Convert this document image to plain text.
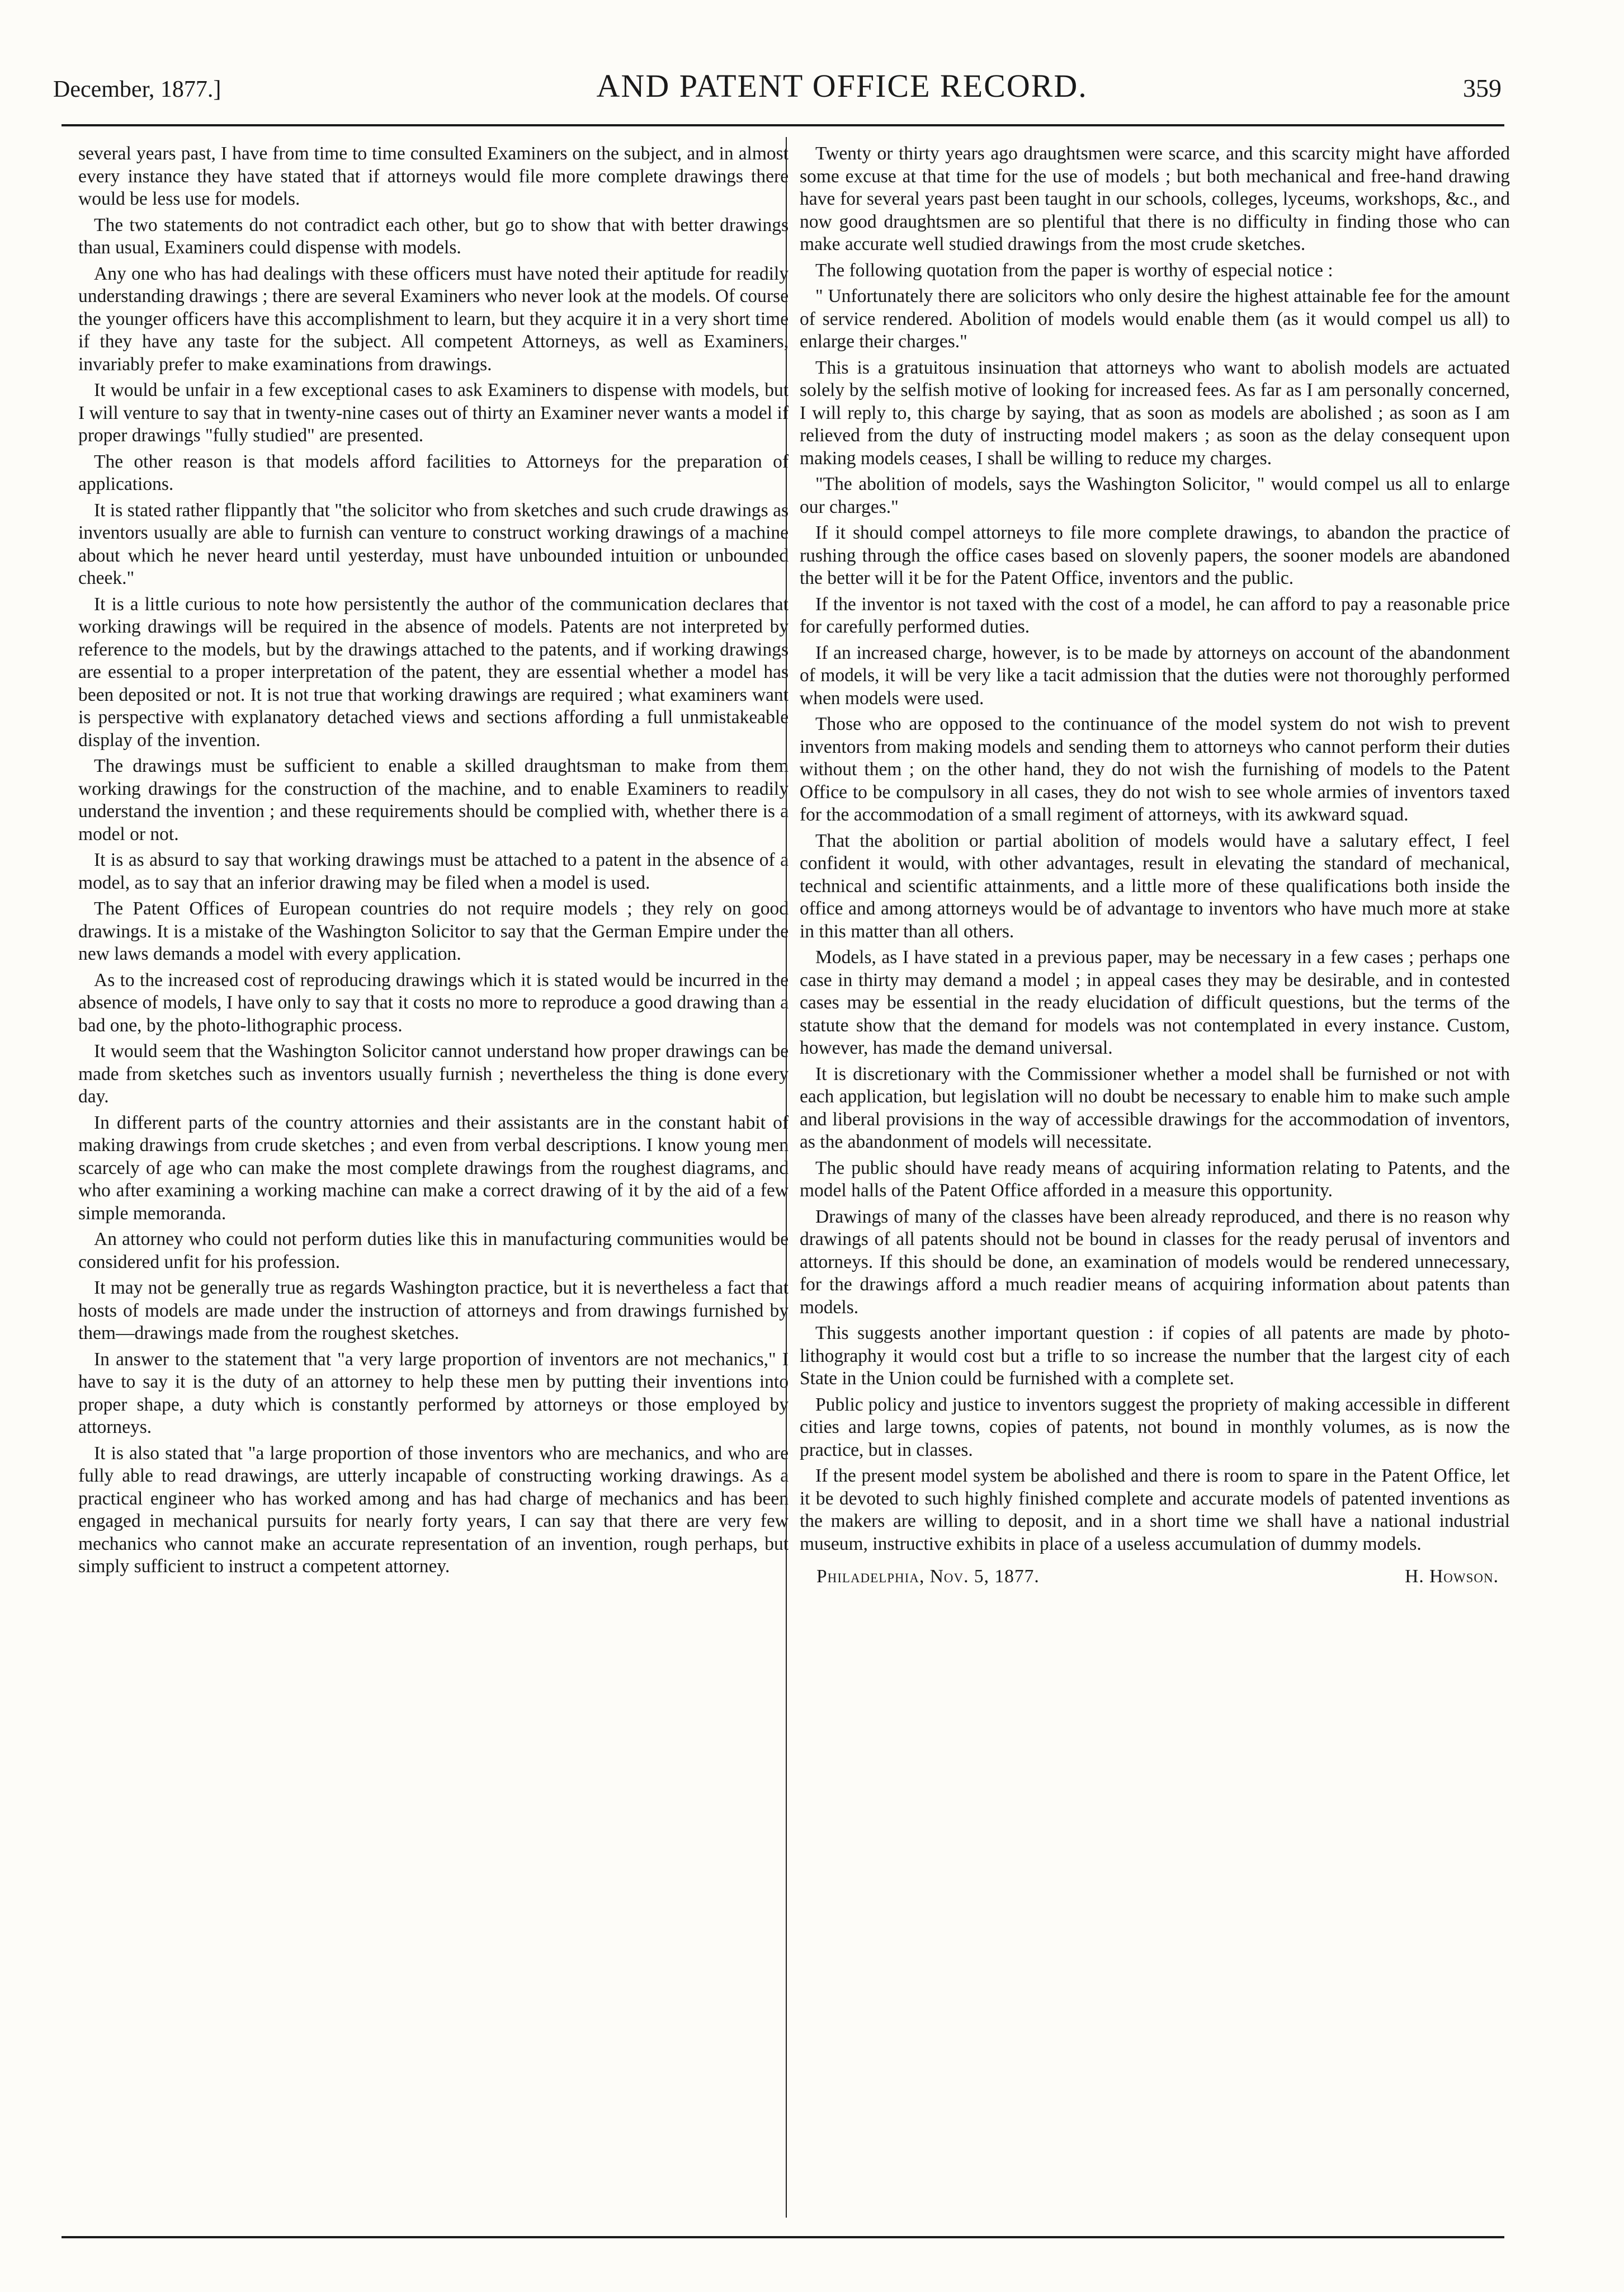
December, 1877.]	AND PATENT OFFICE RECORD.	359

several years past, I have from time to time consulted Examiners on the subject, and in almost every instance they have stated that if attorneys would file more complete drawings there would be less use for models.

The two statements do not contradict each other, but go to show that with better drawings than usual, Examiners could dispense with models.

Any one who has had dealings with these officers must have noted their aptitude for readily understanding drawings ; there are several Examiners who never look at the models. Of course the younger officers have this accomplishment to learn, but they acquire it in a very short time if they have any taste for the subject. All competent Attorneys, as well as Examiners, invariably prefer to make examinations from drawings.

It would be unfair in a few exceptional cases to ask Examiners to dispense with models, but I will venture to say that in twenty-nine cases out of thirty an Examiner never wants a model if proper drawings "fully studied" are presented.

The other reason is that models afford facilities to Attorneys for the preparation of applications.

It is stated rather flippantly that "the solicitor who from sketches and such crude drawings as inventors usually are able to furnish can venture to construct working drawings of a machine about which he never heard until yesterday, must have unbounded intuition or unbounded cheek."

It is a little curious to note how persistently the author of the communication declares that working drawings will be required in the absence of models. Patents are not interpreted by reference to the models, but by the drawings attached to the patents, and if working drawings are essential to a proper interpretation of the patent, they are essential whether a model has been deposited or not. It is not true that working drawings are required ; what examiners want is perspective with explanatory detached views and sections affording a full unmistakeable display of the invention.

The drawings must be sufficient to enable a skilled draughtsman to make from them working drawings for the construction of the machine, and to enable Examiners to readily understand the invention ; and these requirements should be complied with, whether there is a model or not.

It is as absurd to say that working drawings must be attached to a patent in the absence of a model, as to say that an inferior drawing may be filed when a model is used.

The Patent Offices of European countries do not require models ; they rely on good drawings. It is a mistake of the Washington Solicitor to say that the German Empire under the new laws demands a model with every application.

As to the increased cost of reproducing drawings which it is stated would be incurred in the absence of models, I have only to say that it costs no more to reproduce a good drawing than a bad one, by the photo-lithographic process.

It would seem that the Washington Solicitor cannot understand how proper drawings can be made from sketches such as inventors usually furnish ; nevertheless the thing is done every day.

In different parts of the country attornies and their assistants are in the constant habit of making drawings from crude sketches ; and even from verbal descriptions. I know young men scarcely of age who can make the most complete drawings from the roughest diagrams, and who after examining a working machine can make a correct drawing of it by the aid of a few simple memoranda.

An attorney who could not perform duties like this in manufacturing communities would be considered unfit for his profession.

It may not be generally true as regards Washington practice, but it is nevertheless a fact that hosts of models are made under the instruction of attorneys and from drawings furnished by them—drawings made from the roughest sketches.

In answer to the statement that "a very large proportion of inventors are not mechanics," I have to say it is the duty of an attorney to help these men by putting their inventions into proper shape, a duty which is constantly performed by attorneys or those employed by attorneys.

It is also stated that "a large proportion of those inventors who are mechanics, and who are fully able to read drawings, are utterly incapable of constructing working drawings. As a practical engineer who has worked among and has had charge of mechanics and has been engaged in mechanical pursuits for nearly forty years, I can say that there are very few mechanics who cannot make an accurate representation of an invention, rough perhaps, but simply sufficient to instruct a competent attorney.

Twenty or thirty years ago draughtsmen were scarce, and this scarcity might have afforded some excuse at that time for the use of models ; but both mechanical and free-hand drawing have for several years past been taught in our schools, colleges, lyceums, workshops, &c., and now good draughtsmen are so plentiful that there is no difficulty in finding those who can make accurate well studied drawings from the most crude sketches.

The following quotation from the paper is worthy of especial notice :

" Unfortunately there are solicitors who only desire the highest attainable fee for the amount of service rendered. Abolition of models would enable them (as it would compel us all) to enlarge their charges."

This is a gratuitous insinuation that attorneys who want to abolish models are actuated solely by the selfish motive of looking for increased fees. As far as I am personally concerned, I will reply to, this charge by saying, that as soon as models are abolished ; as soon as I am relieved from the duty of instructing model makers ; as soon as the delay consequent upon making models ceases, I shall be willing to reduce my charges.

"The abolition of models, says the Washington Solicitor, " would compel us all to enlarge our charges."

If it should compel attorneys to file more complete drawings, to abandon the practice of rushing through the office cases based on slovenly papers, the sooner models are abandoned the better will it be for the Patent Office, inventors and the public.

If the inventor is not taxed with the cost of a model, he can afford to pay a reasonable price for carefully performed duties.

If an increased charge, however, is to be made by attorneys on account of the abandonment of models, it will be very like a tacit admission that the duties were not thoroughly performed when models were used.

Those who are opposed to the continuance of the model system do not wish to prevent inventors from making models and sending them to attorneys who cannot perform their duties without them ; on the other hand, they do not wish the furnishing of models to the Patent Office to be compulsory in all cases, they do not wish to see whole armies of inventors taxed for the accommodation of a small regiment of attorneys, with its awkward squad.

That the abolition or partial abolition of models would have a salutary effect, I feel confident it would, with other advantages, result in elevating the standard of mechanical, technical and scientific attainments, and a little more of these qualifications both inside the office and among attorneys would be of advantage to inventors who have much more at stake in this matter than all others.

Models, as I have stated in a previous paper, may be necessary in a few cases ; perhaps one case in thirty may demand a model ; in appeal cases they may be desirable, and in contested cases may be essential in the ready elucidation of difficult questions, but the terms of the statute show that the demand for models was not contemplated in every instance. Custom, however, has made the demand universal.

It is discretionary with the Commissioner whether a model shall be furnished or not with each application, but legislation will no doubt be necessary to enable him to make such ample and liberal provisions in the way of accessible drawings for the accommodation of inventors, as the abandonment of models will necessitate.

The public should have ready means of acquiring information relating to Patents, and the model halls of the Patent Office afforded in a measure this opportunity.

Drawings of many of the classes have been already reproduced, and there is no reason why drawings of all patents should not be bound in classes for the ready perusal of inventors and attorneys. If this should be done, an examination of models would be rendered unnecessary, for the drawings afford a much readier means of acquiring information about patents than models.

This suggests another important question : if copies of all patents are made by photo-lithography it would cost but a trifle to so increase the number that the largest city of each State in the Union could be furnished with a complete set.

Public policy and justice to inventors suggest the propriety of making accessible in different cities and large towns, copies of patents, not bound in monthly volumes, as is now the practice, but in classes.

If the present model system be abolished and there is room to spare in the Patent Office, let it be devoted to such highly finished complete and accurate models of patented inventions as the makers are willing to deposit, and in a short time we shall have a national industrial museum, instructive exhibits in place of a useless accumulation of dummy models.

Philadelphia, Nov. 5, 1877.	H. Howson.
